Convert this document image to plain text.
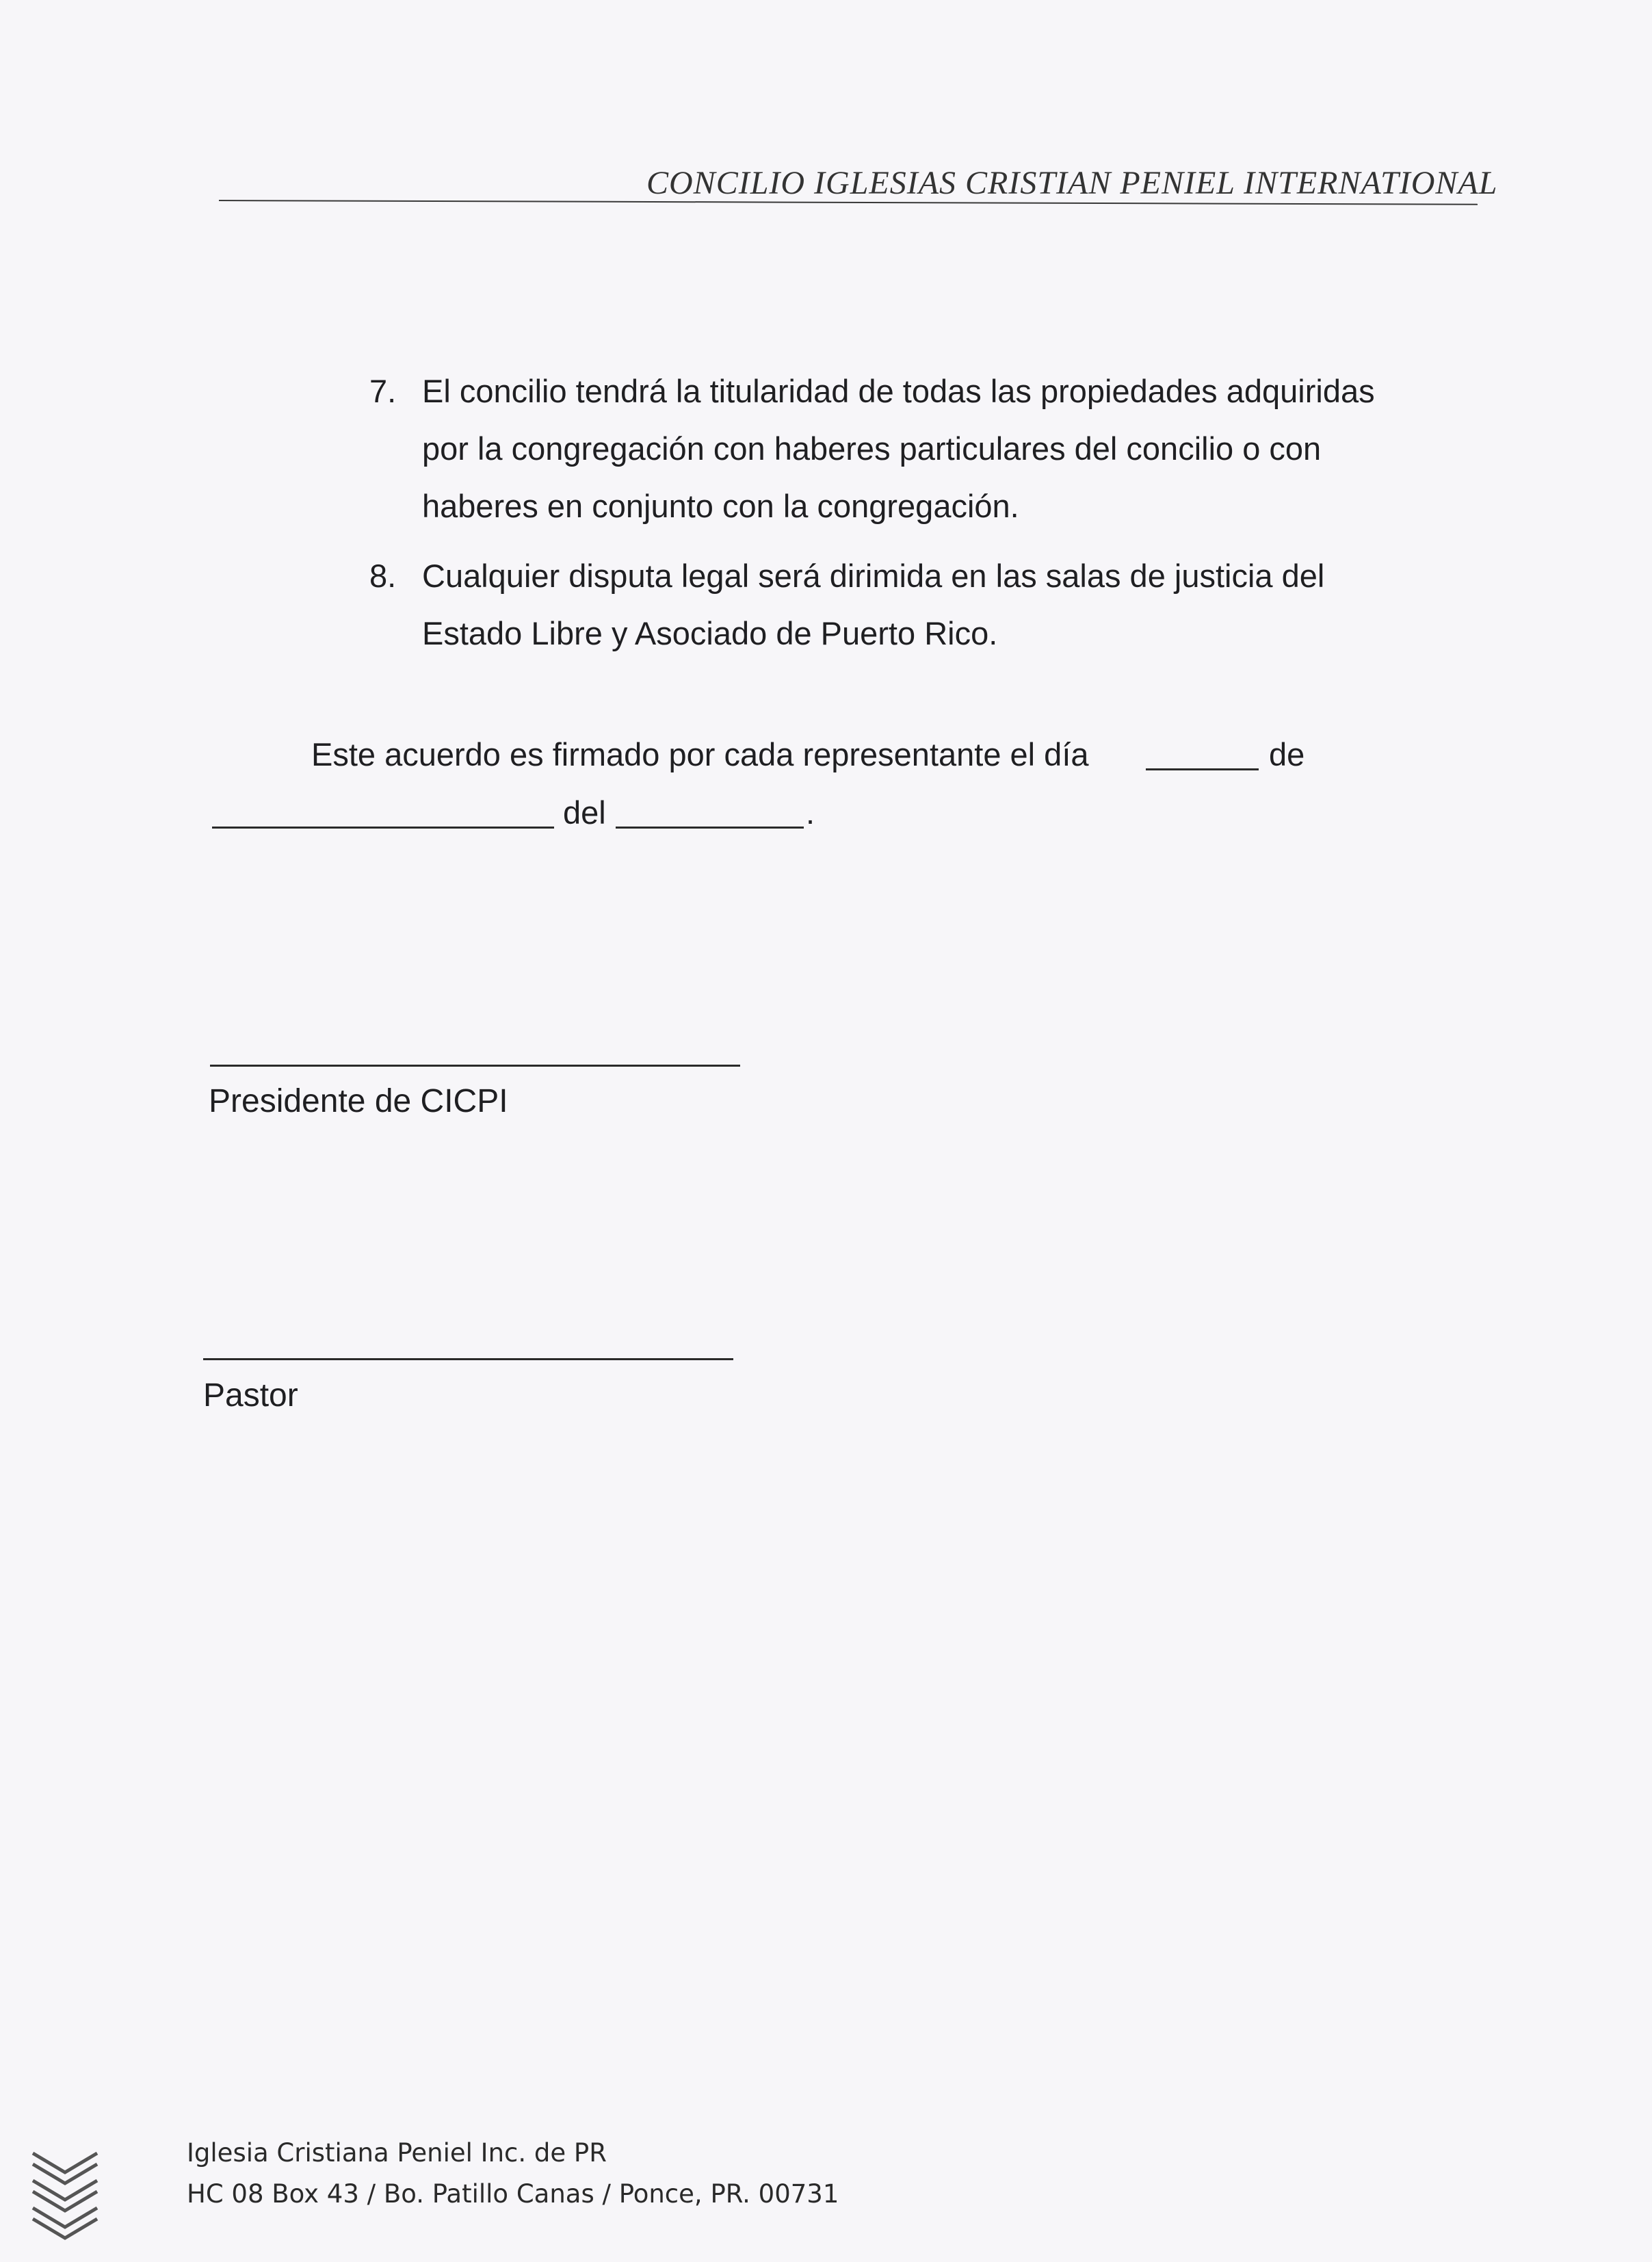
CONCILIO IGLESIAS CRISTIAN PENIEL INTERNATIONAL
7. El concilio tendrá la titularidad de todas las propiedades adquiridas
por la congregación con haberes particulares del concilio o con
haberes en conjunto con la congregación.
8. Cualquier disputa legal será dirimida en las salas de justicia del
Estado Libre y Asociado de Puerto Rico.
Este acuerdo es firmado por cada representante el día	de
del	.
Presidente de CICPI
Pastor
Iglesia Cristiana Peniel Inc. de PR
HC 08 Box 43 / Bo. Patillo Canas / Ponce, PR. 00731
